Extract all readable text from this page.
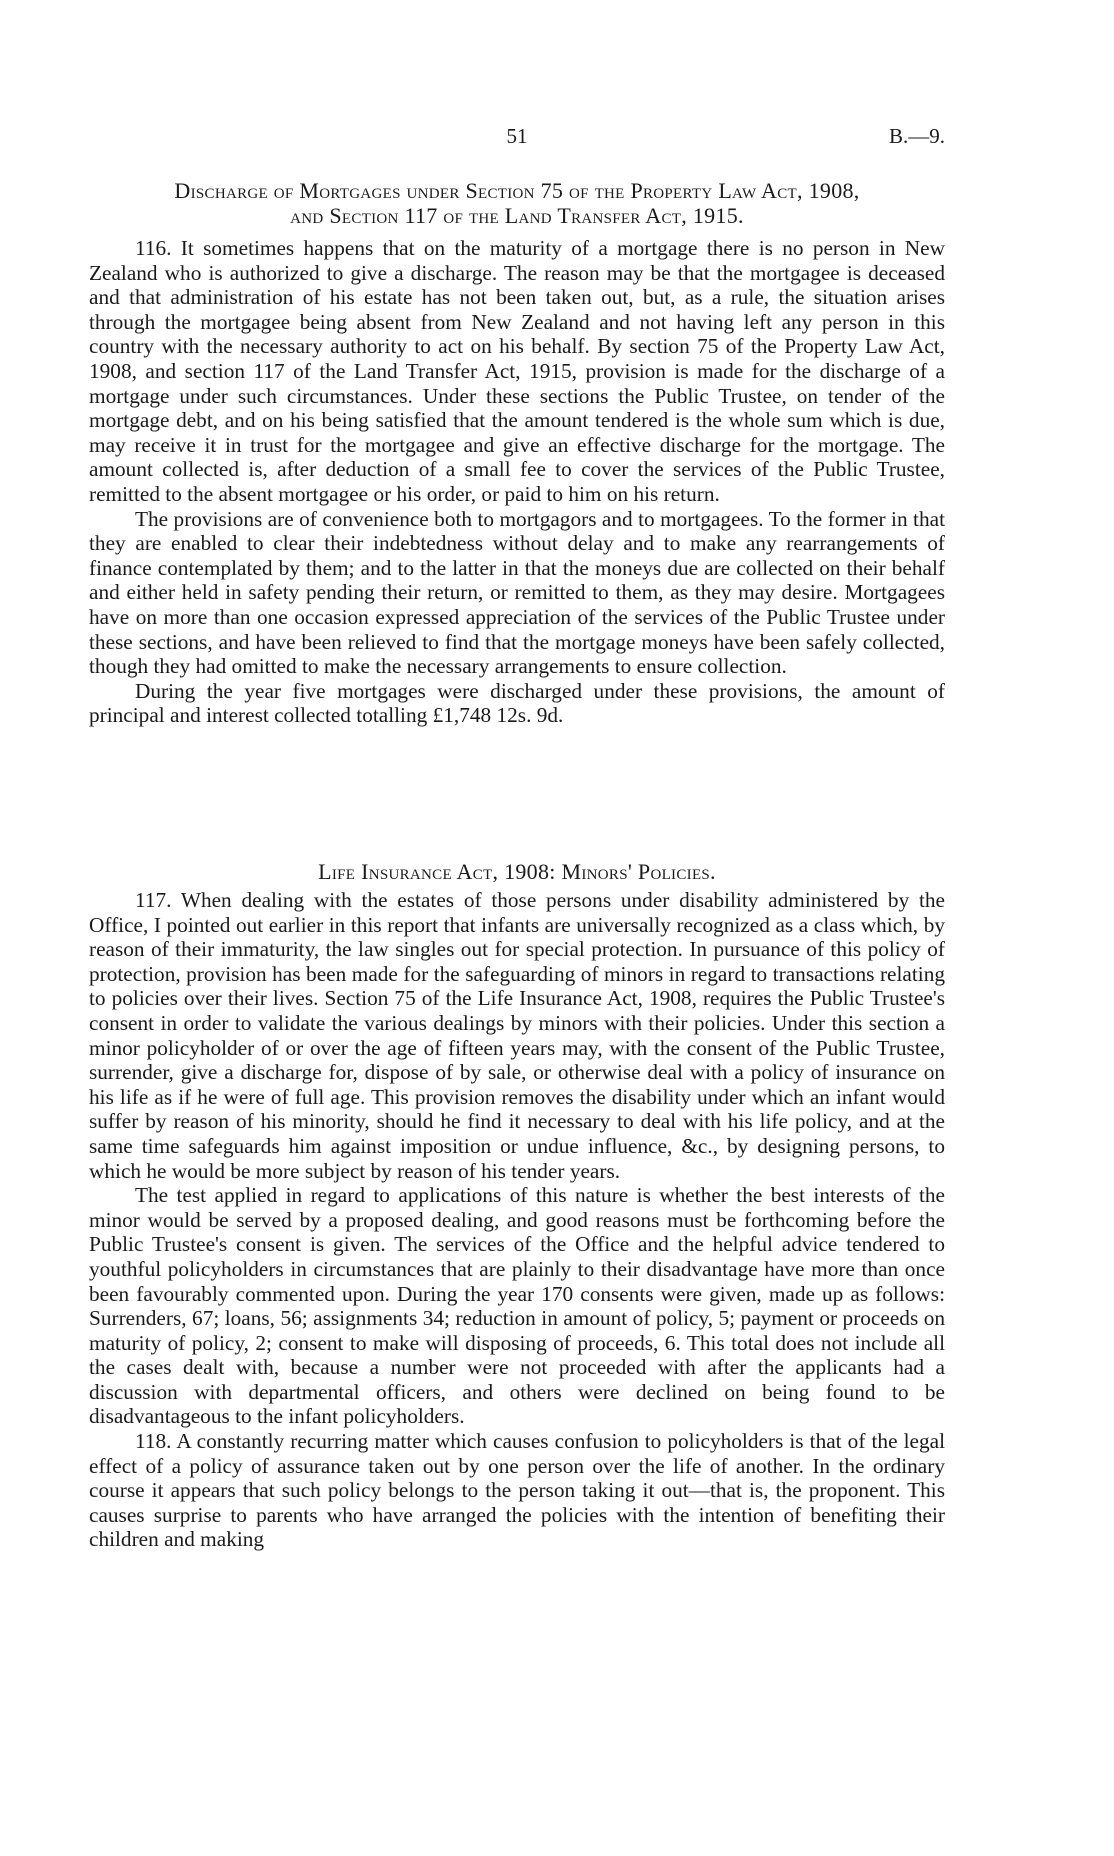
51	B.—9.
Discharge of Mortgages under Section 75 of the Property Law Act, 1908,
and Section 117 of the Land Transfer Act, 1915.

116. It sometimes happens that on the maturity of a mortgage there is no person in New Zealand who is authorized to give a discharge. The reason may be that the mortgagee is deceased and that administration of his estate has not been taken out, but, as a rule, the situation arises through the mortgagee being absent from New Zealand and not having left any person in this country with the necessary authority to act on his behalf. By section 75 of the Property Law Act, 1908, and section 117 of the Land Transfer Act, 1915, provision is made for the discharge of a mortgage under such circumstances. Under these sections the Public Trustee, on tender of the mortgage debt, and on his being satisfied that the amount tendered is the whole sum which is due, may receive it in trust for the mortgagee and give an effective discharge for the mortgage. The amount collected is, after deduction of a small fee to cover the services of the Public Trustee, remitted to the absent mortgagee or his order, or paid to him on his return.

The provisions are of convenience both to mortgagors and to mortgagees. To the former in that they are enabled to clear their indebtedness without delay and to make any rearrangements of finance contemplated by them; and to the latter in that the moneys due are collected on their behalf and either held in safety pending their return, or remitted to them, as they may desire. Mortgagees have on more than one occasion expressed appreciation of the services of the Public Trustee under these sections, and have been relieved to find that the mortgage moneys have been safely collected, though they had omitted to make the necessary arrangements to ensure collection.

During the year five mortgages were discharged under these provisions, the amount of principal and interest collected totalling £1,748 12s. 9d.

Life Insurance Act, 1908: Minors' Policies.

117. When dealing with the estates of those persons under disability administered by the Office, I pointed out earlier in this report that infants are universally recognized as a class which, by reason of their immaturity, the law singles out for special protection. In pursuance of this policy of protection, provision has been made for the safeguarding of minors in regard to transactions relating to policies over their lives. Section 75 of the Life Insurance Act, 1908, requires the Public Trustee's consent in order to validate the various dealings by minors with their policies. Under this section a minor policyholder of or over the age of fifteen years may, with the consent of the Public Trustee, surrender, give a discharge for, dispose of by sale, or otherwise deal with a policy of insurance on his life as if he were of full age. This provision removes the disability under which an infant would suffer by reason of his minority, should he find it necessary to deal with his life policy, and at the same time safeguards him against imposition or undue influence, &c., by designing persons, to which he would be more subject by reason of his tender years.

The test applied in regard to applications of this nature is whether the best interests of the minor would be served by a proposed dealing, and good reasons must be forthcoming before the Public Trustee's consent is given. The services of the Office and the helpful advice tendered to youthful policyholders in circumstances that are plainly to their disadvantage have more than once been favourably commented upon. During the year 170 consents were given, made up as follows: Surrenders, 67; loans, 56; assignments 34; reduction in amount of policy, 5; payment or proceeds on maturity of policy, 2; consent to make will disposing of proceeds, 6. This total does not include all the cases dealt with, because a number were not proceeded with after the applicants had a discussion with departmental officers, and others were declined on being found to be disadvantageous to the infant policyholders.

118. A constantly recurring matter which causes confusion to policyholders is that of the legal effect of a policy of assurance taken out by one person over the life of another. In the ordinary course it appears that such policy belongs to the person taking it out—that is, the proponent. This causes surprise to parents who have arranged the policies with the intention of benefiting their children and making
